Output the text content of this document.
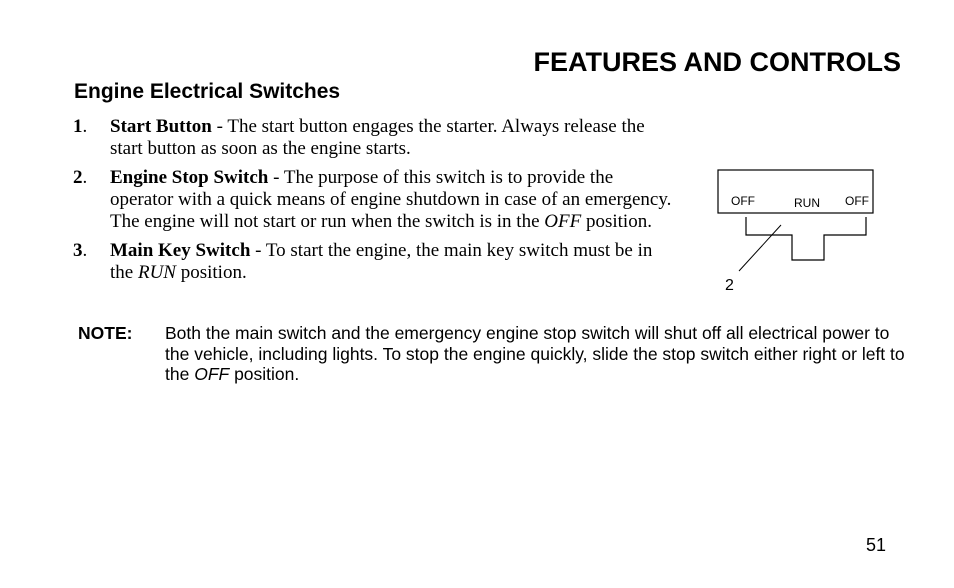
FEATURES AND CONTROLS
Engine Electrical Switches
1. Start Button - The start button engages the starter. Always release the start button as soon as the engine starts.
2. Engine Stop Switch - The purpose of this switch is to provide the operator with a quick means of engine shutdown in case of an emergency. The engine will not start or run when the switch is in the OFF position.
3. Main Key Switch - To start the engine, the main key switch must be in the RUN position.
NOTE: Both the main switch and the emergency engine stop switch will shut off all electrical power to the vehicle, including lights. To stop the engine quickly, slide the stop switch either right or left to the OFF position.
OFF	RUN OFF
2
51
